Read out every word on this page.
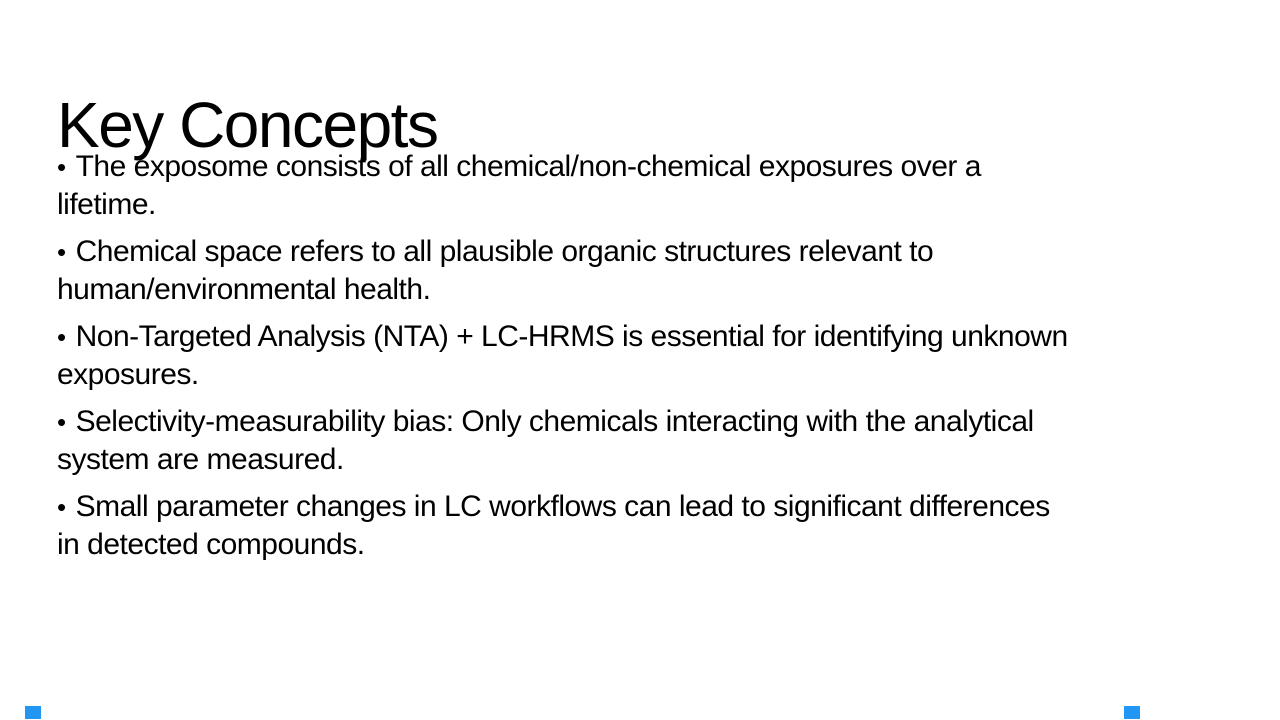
Key Concepts

• The exposome consists of all chemical/non-chemical exposures over a
lifetime.

• Chemical space refers to all plausible organic structures relevant to
human/environmental health.

• Non-Targeted Analysis (NTA) + LC-HRMS is essential for identifying unknown
exposures.

• Selectivity-measurability bias: Only chemicals interacting with the analytical
system are measured.

• Small parameter changes in LC workflows can lead to significant differences
in detected compounds.
